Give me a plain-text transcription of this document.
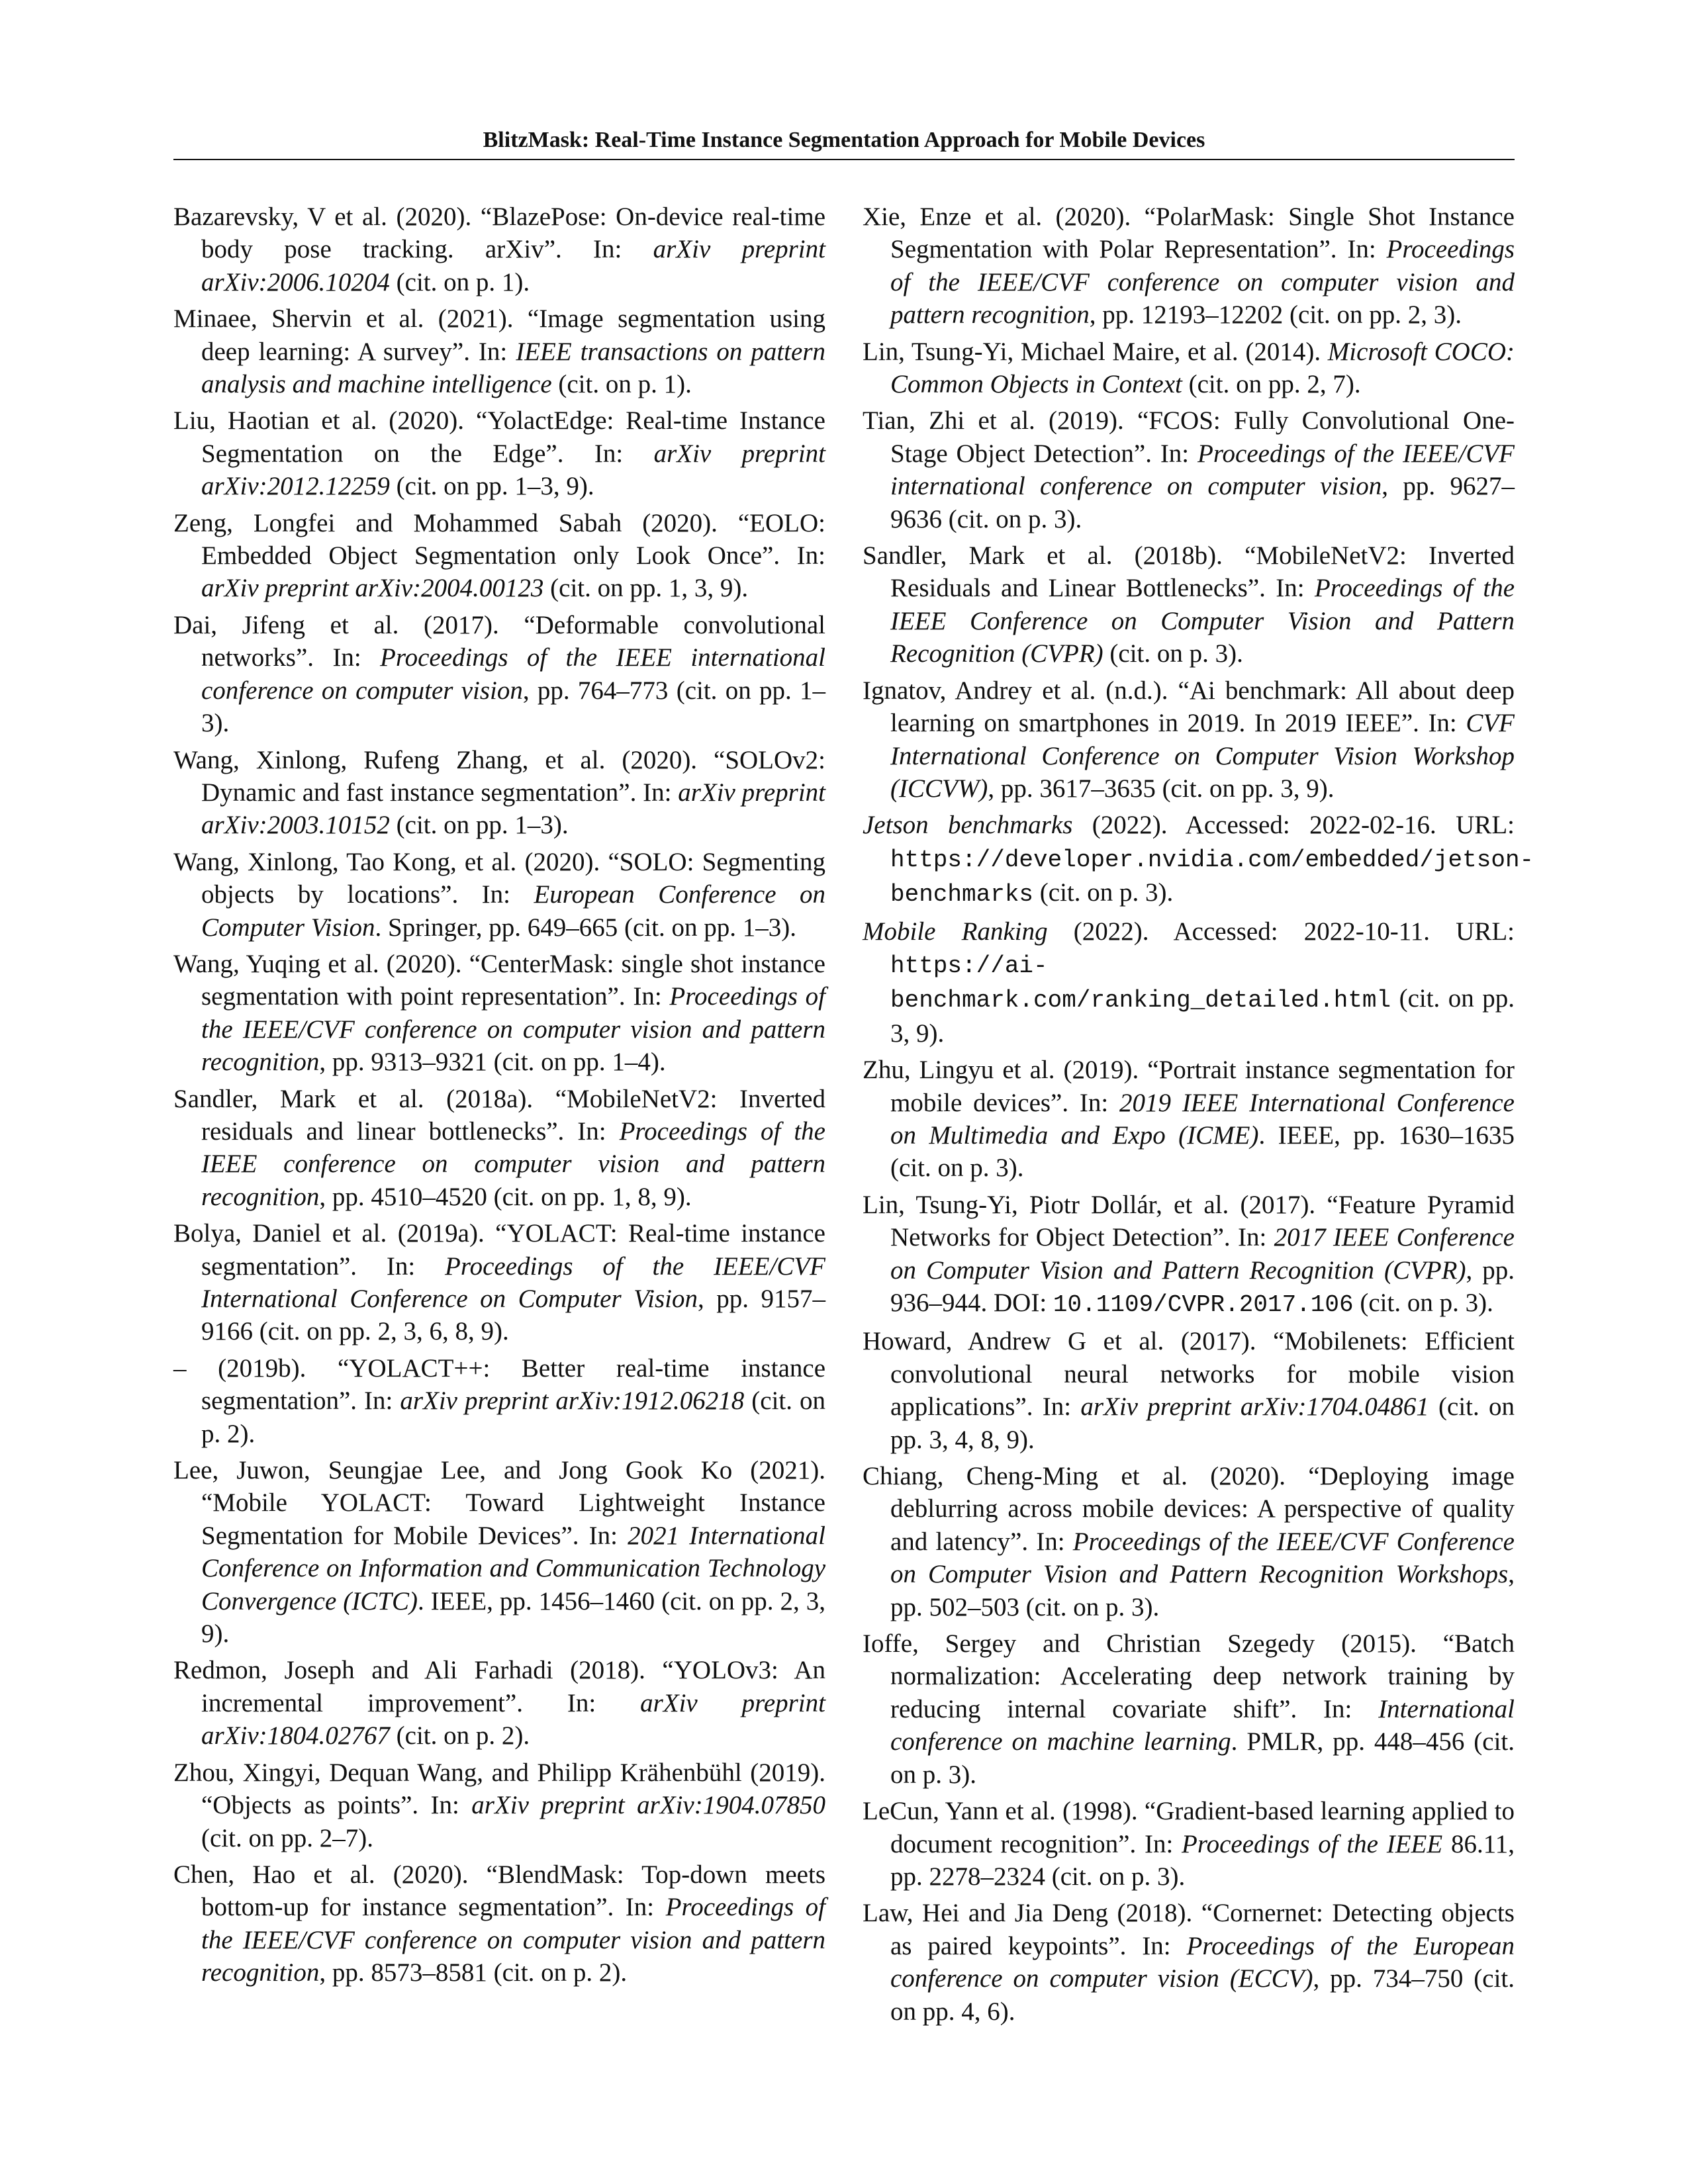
BlitzMask: Real-Time Instance Segmentation Approach for Mobile Devices

Bazarevsky, V et al. (2020). “BlazePose: On-device real-time body pose tracking. arXiv”. In: arXiv preprint arXiv:2006.10204 (cit. on p. 1).

Minaee, Shervin et al. (2021). “Image segmentation using deep learning: A survey”. In: IEEE transactions on pattern analysis and machine intelligence (cit. on p. 1).

Liu, Haotian et al. (2020). “YolactEdge: Real-time Instance Segmentation on the Edge”. In: arXiv preprint arXiv:2012.12259 (cit. on pp. 1–3, 9).

Zeng, Longfei and Mohammed Sabah (2020). “EOLO: Embedded Object Segmentation only Look Once”. In: arXiv preprint arXiv:2004.00123 (cit. on pp. 1, 3, 9).

Dai, Jifeng et al. (2017). “Deformable convolutional networks”. In: Proceedings of the IEEE international conference on computer vision, pp. 764–773 (cit. on pp. 1–3).

Wang, Xinlong, Rufeng Zhang, et al. (2020). “SOLOv2: Dynamic and fast instance segmentation”. In: arXiv preprint arXiv:2003.10152 (cit. on pp. 1–3).

Wang, Xinlong, Tao Kong, et al. (2020). “SOLO: Segmenting objects by locations”. In: European Conference on Computer Vision. Springer, pp. 649–665 (cit. on pp. 1–3).

Wang, Yuqing et al. (2020). “CenterMask: single shot instance segmentation with point representation”. In: Proceedings of the IEEE/CVF conference on computer vision and pattern recognition, pp. 9313–9321 (cit. on pp. 1–4).

Sandler, Mark et al. (2018a). “MobileNetV2: Inverted residuals and linear bottlenecks”. In: Proceedings of the IEEE conference on computer vision and pattern recognition, pp. 4510–4520 (cit. on pp. 1, 8, 9).

Bolya, Daniel et al. (2019a). “YOLACT: Real-time instance segmentation”. In: Proceedings of the IEEE/CVF International Conference on Computer Vision, pp. 9157–9166 (cit. on pp. 2, 3, 6, 8, 9).

– (2019b). “YOLACT++: Better real-time instance segmentation”. In: arXiv preprint arXiv:1912.06218 (cit. on p. 2).

Lee, Juwon, Seungjae Lee, and Jong Gook Ko (2021). “Mobile YOLACT: Toward Lightweight Instance Segmentation for Mobile Devices”. In: 2021 International Conference on Information and Communication Technology Convergence (ICTC). IEEE, pp. 1456–1460 (cit. on pp. 2, 3, 9).

Redmon, Joseph and Ali Farhadi (2018). “YOLOv3: An incremental improvement”. In: arXiv preprint arXiv:1804.02767 (cit. on p. 2).

Zhou, Xingyi, Dequan Wang, and Philipp Krähenbühl (2019). “Objects as points”. In: arXiv preprint arXiv:1904.07850 (cit. on pp. 2–7).

Chen, Hao et al. (2020). “BlendMask: Top-down meets bottom-up for instance segmentation”. In: Proceedings of the IEEE/CVF conference on computer vision and pattern recognition, pp. 8573–8581 (cit. on p. 2).

Xie, Enze et al. (2020). “PolarMask: Single Shot Instance Segmentation with Polar Representation”. In: Proceedings of the IEEE/CVF conference on computer vision and pattern recognition, pp. 12193–12202 (cit. on pp. 2, 3).

Lin, Tsung-Yi, Michael Maire, et al. (2014). Microsoft COCO: Common Objects in Context (cit. on pp. 2, 7).

Tian, Zhi et al. (2019). “FCOS: Fully Convolutional One-Stage Object Detection”. In: Proceedings of the IEEE/CVF international conference on computer vision, pp. 9627–9636 (cit. on p. 3).

Sandler, Mark et al. (2018b). “MobileNetV2: Inverted Residuals and Linear Bottlenecks”. In: Proceedings of the IEEE Conference on Computer Vision and Pattern Recognition (CVPR) (cit. on p. 3).

Ignatov, Andrey et al. (n.d.). “Ai benchmark: All about deep learning on smartphones in 2019. In 2019 IEEE”. In: CVF International Conference on Computer Vision Workshop (ICCVW), pp. 3617–3635 (cit. on pp. 3, 9).

Jetson benchmarks (2022). Accessed: 2022-02-16. URL: https://developer.nvidia.com/embedded/jetson-benchmarks (cit. on p. 3).

Mobile Ranking (2022). Accessed: 2022-10-11. URL: https://ai-benchmark.com/ranking_detailed.html (cit. on pp. 3, 9).

Zhu, Lingyu et al. (2019). “Portrait instance segmentation for mobile devices”. In: 2019 IEEE International Conference on Multimedia and Expo (ICME). IEEE, pp. 1630–1635 (cit. on p. 3).

Lin, Tsung-Yi, Piotr Dollár, et al. (2017). “Feature Pyramid Networks for Object Detection”. In: 2017 IEEE Conference on Computer Vision and Pattern Recognition (CVPR), pp. 936–944. DOI: 10.1109/CVPR.2017.106 (cit. on p. 3).

Howard, Andrew G et al. (2017). “Mobilenets: Efficient convolutional neural networks for mobile vision applications”. In: arXiv preprint arXiv:1704.04861 (cit. on pp. 3, 4, 8, 9).

Chiang, Cheng-Ming et al. (2020). “Deploying image deblurring across mobile devices: A perspective of quality and latency”. In: Proceedings of the IEEE/CVF Conference on Computer Vision and Pattern Recognition Workshops, pp. 502–503 (cit. on p. 3).

Ioffe, Sergey and Christian Szegedy (2015). “Batch normalization: Accelerating deep network training by reducing internal covariate shift”. In: International conference on machine learning. PMLR, pp. 448–456 (cit. on p. 3).

LeCun, Yann et al. (1998). “Gradient-based learning applied to document recognition”. In: Proceedings of the IEEE 86.11, pp. 2278–2324 (cit. on p. 3).

Law, Hei and Jia Deng (2018). “Cornernet: Detecting objects as paired keypoints”. In: Proceedings of the European conference on computer vision (ECCV), pp. 734–750 (cit. on pp. 4, 6).
